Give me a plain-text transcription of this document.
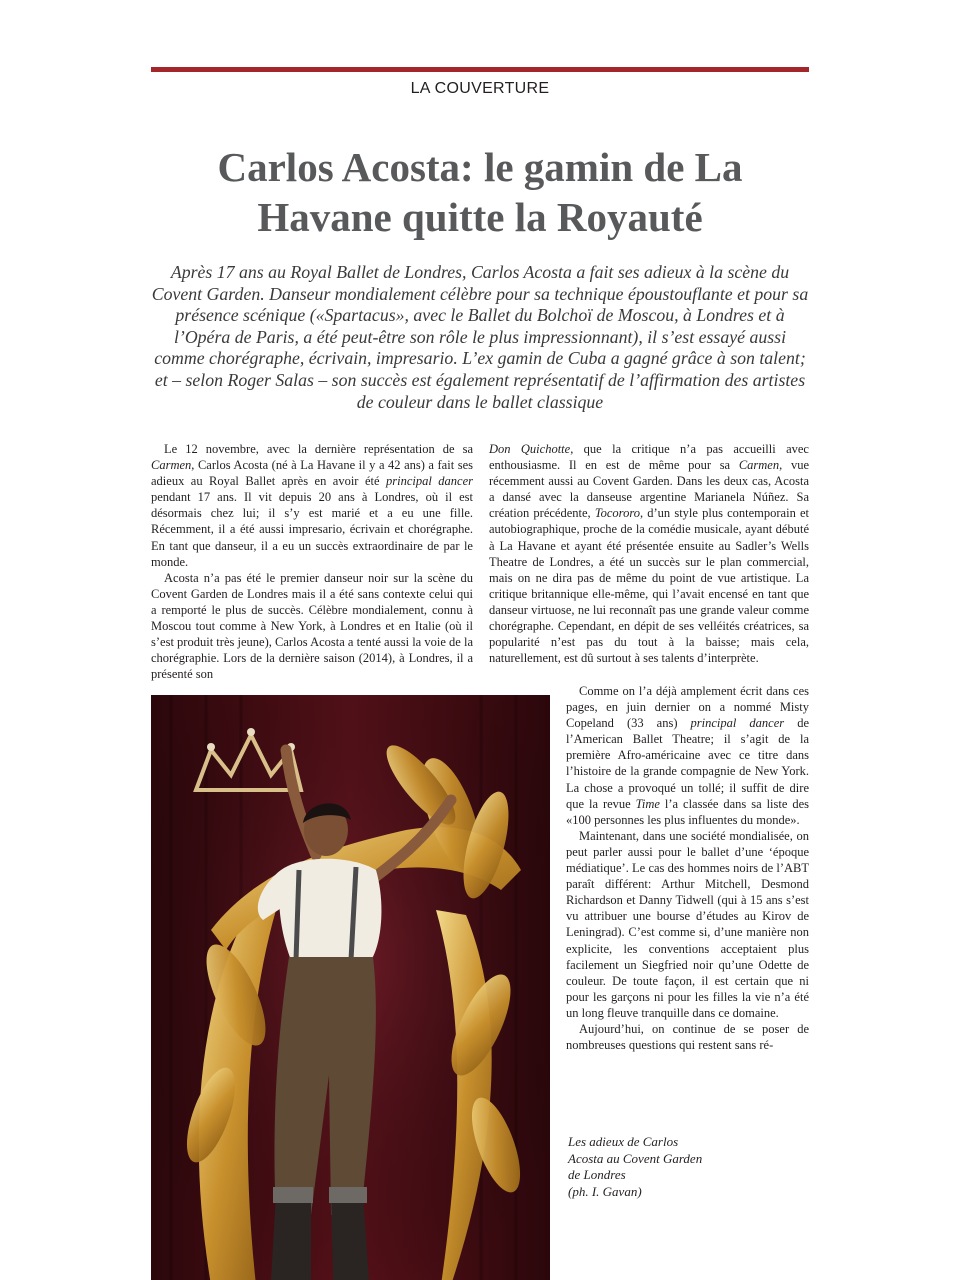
LA COUVERTURE
Carlos Acosta: le gamin de La Havane quitte la Royauté

Après 17 ans au Royal Ballet de Londres, Carlos Acosta a fait ses adieux à la scène du Covent Garden. Danseur mondialement célèbre pour sa technique époustouflante et pour sa présence scénique («Spartacus», avec le Ballet du Bolchoï de Moscou, à Londres et à l’Opéra de Paris, a été peut-être son rôle le plus impressionnant), il s’est essayé aussi comme chorégraphe, écrivain, impresario. L’ex gamin de Cuba a gagné grâce à son talent; et – selon Roger Salas – son succès est également représentatif de l’affirmation des artistes de couleur dans le ballet classique

Le 12 novembre, avec la dernière représentation de sa Carmen, Carlos Acosta (né à La Havane il y a 42 ans) a fait ses adieux au Royal Ballet après en avoir été principal dancer pendant 17 ans. Il vit depuis 20 ans à Londres, où il est désormais chez lui; il s’y est marié et a eu une fille. Récemment, il a été aussi impresario, écrivain et chorégraphe. En tant que danseur, il a eu un succès extraordinaire de par le monde.

Acosta n’a pas été le premier danseur noir sur la scène du Covent Garden de Londres mais il a été sans contexte celui qui a remporté le plus de succès. Célèbre mondialement, connu à Moscou tout comme à New York, à Londres et en Italie (où il s’est produit très jeune), Carlos Acosta a tenté aussi la voie de la chorégraphie. Lors de la dernière saison (2014), à Londres, il a présenté son

Don Quichotte, que la critique n’a pas accueilli avec enthousiasme. Il en est de même pour sa Carmen, vue récemment aussi au Covent Garden. Dans les deux cas, Acosta a dansé avec la danseuse argentine Marianela Núñez. Sa création précédente, Tocororo, d’un style plus contemporain et autobiographique, proche de la comédie musicale, ayant débuté à La Havane et ayant été présentée ensuite au Sadler’s Wells Theatre de Londres, a été un succès sur le plan commercial, mais on ne dira pas de même du point de vue artistique. La critique britannique elle-même, qui l’avait encensé en tant que danseur virtuose, ne lui reconnaît pas une grande valeur comme chorégraphe. Cependant, en dépit de ses velléités créatrices, sa popularité n’est pas du tout à la baisse; mais cela, naturellement, est dû surtout à ses talents d’interprète.

Comme on l’a déjà amplement écrit dans ces pages, en juin dernier on a nommé Misty Copeland (33 ans) principal dancer de l’American Ballet Theatre; il s’agit de la première Afro-américaine avec ce titre dans l’histoire de la grande compagnie de New York. La chose a provoqué un tollé; il suffit de dire que la revue Time l’a classée dans sa liste des «100 personnes les plus influentes du monde».

Maintenant, dans une société mondialisée, on peut parler aussi pour le ballet d’une ‘époque médiatique’. Le cas des hommes noirs de l’ABT paraît différent: Arthur Mitchell, Desmond Richardson et Danny Tidwell (qui à 15 ans s’est vu attribuer une bourse d’études au Kirov de Leningrad). C’est comme si, d’une manière non explicite, les conventions acceptaient plus facilement un Siegfried noir qu’une Odette de couleur. De toute façon, il est certain que ni pour les garçons ni pour les filles la vie n’a été un long fleuve tranquille dans ce domaine.

Aujourd’hui, on continue de se poser de nombreuses questions qui restent sans ré-

Les adieux de Carlos
Acosta au Covent Garden
de Londres
(ph. I. Gavan)
